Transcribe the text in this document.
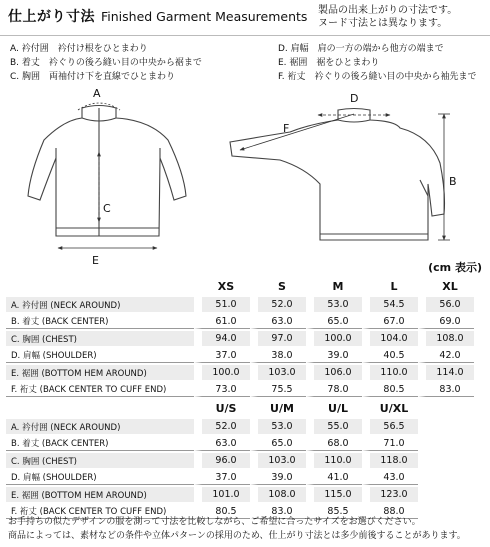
仕上がり寸法 Finished Garment Measurements 製品の出来上がりの寸法です。
ヌード寸法とは異なります。
A. 衿付囲　衿付け根をひとまわり
B. 着丈　衿ぐりの後ろ縫い目の中央から裾まで
C. 胸囲　両袖付け下を直線でひとまわり
D. 肩幅　肩の一方の端から他方の端まで
E. 裾囲　裾をひとまわり
F. 裄丈　衿ぐりの後ろ縫い目の中央から袖先まで
A
C
E
D
F
B
(cm 表示)
	XS	S	M	L	XL
A. 衿付囲 (NECK AROUND)	51.0	52.0	53.0	54.5	56.0
B. 着丈 (BACK CENTER)	61.0	63.0	65.0	67.0	69.0
C. 胸囲 (CHEST)	94.0	97.0	100.0	104.0	108.0
D. 肩幅 (SHOULDER)	37.0	38.0	39.0	40.5	42.0
E. 裾囲 (BOTTOM HEM AROUND)	100.0	103.0	106.0	110.0	114.0
F. 裄丈 (BACK CENTER TO CUFF END)	73.0	75.5	78.0	80.5	83.0
	U/S	U/M	U/L	U/XL
A. 衿付囲 (NECK AROUND)	52.0	53.0	55.0	56.5
B. 着丈 (BACK CENTER)	63.0	65.0	68.0	71.0
C. 胸囲 (CHEST)	96.0	103.0	110.0	118.0
D. 肩幅 (SHOULDER)	37.0	39.0	41.0	43.0
E. 裾囲 (BOTTOM HEM AROUND)	101.0	108.0	115.0	123.0
F. 裄丈 (BACK CENTER TO CUFF END)	80.5	83.0	85.5	88.0
お手持ちの似たデザインの服を測って寸法を比較しながら、ご希望に合ったサイズをお選びください。
商品によっては、素材などの条件や立体パターンの採用のため、仕上がり寸法とは多少前後することがあります。
